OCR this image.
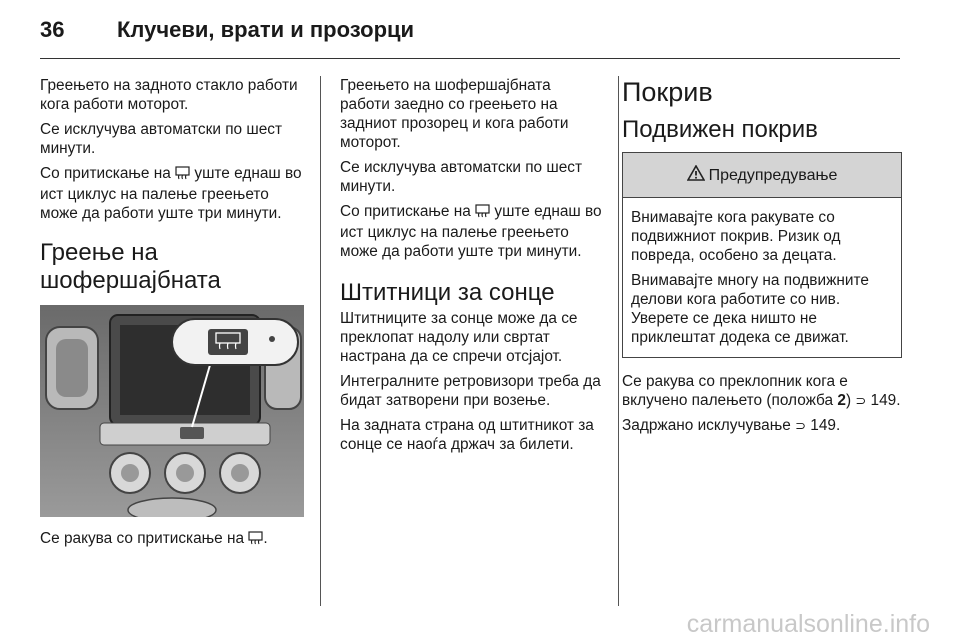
36 Клучеви, врати и прозорци

Греењето на задното стакло работи кога работи моторот.

Се исклучува автоматски по шест минути.

Со притискање на уште еднаш во ист циклус на палење греењето може да работи уште три минути.

Греење на шофершајбната

Се ракува со притискање на .

Греењето на шофершајбната работи заедно со греењето на задниот прозорец и кога работи моторот.

Се исклучува автоматски по шест минути.

Со притискање на уште еднаш во ист циклус на палење греењето може да работи уште три минути.

Штитници за сонце

Штитниците за сонце може да се преклопат надолу или свртат настрана да се спречи отсјајот.

Интегралните ретровизори треба да бидат затворени при возење.

На задната страна од штитникот за сонце се наоѓа држач за билети.

Покрив
Подвижен покрив
Предупредување

Внимавајте кога ракувате со подвижниот покрив. Ризик од повреда, особено за децата.

Внимавајте многу на подвижните делови кога работите со нив. Уверете се дека ништо не приклештат додека се движат.

Се ракува со преклопник кога е вклучено палењето (положба 2) ⊃ 149.

Задржано исклучување ⊃ 149.

carmanualsonline.info
